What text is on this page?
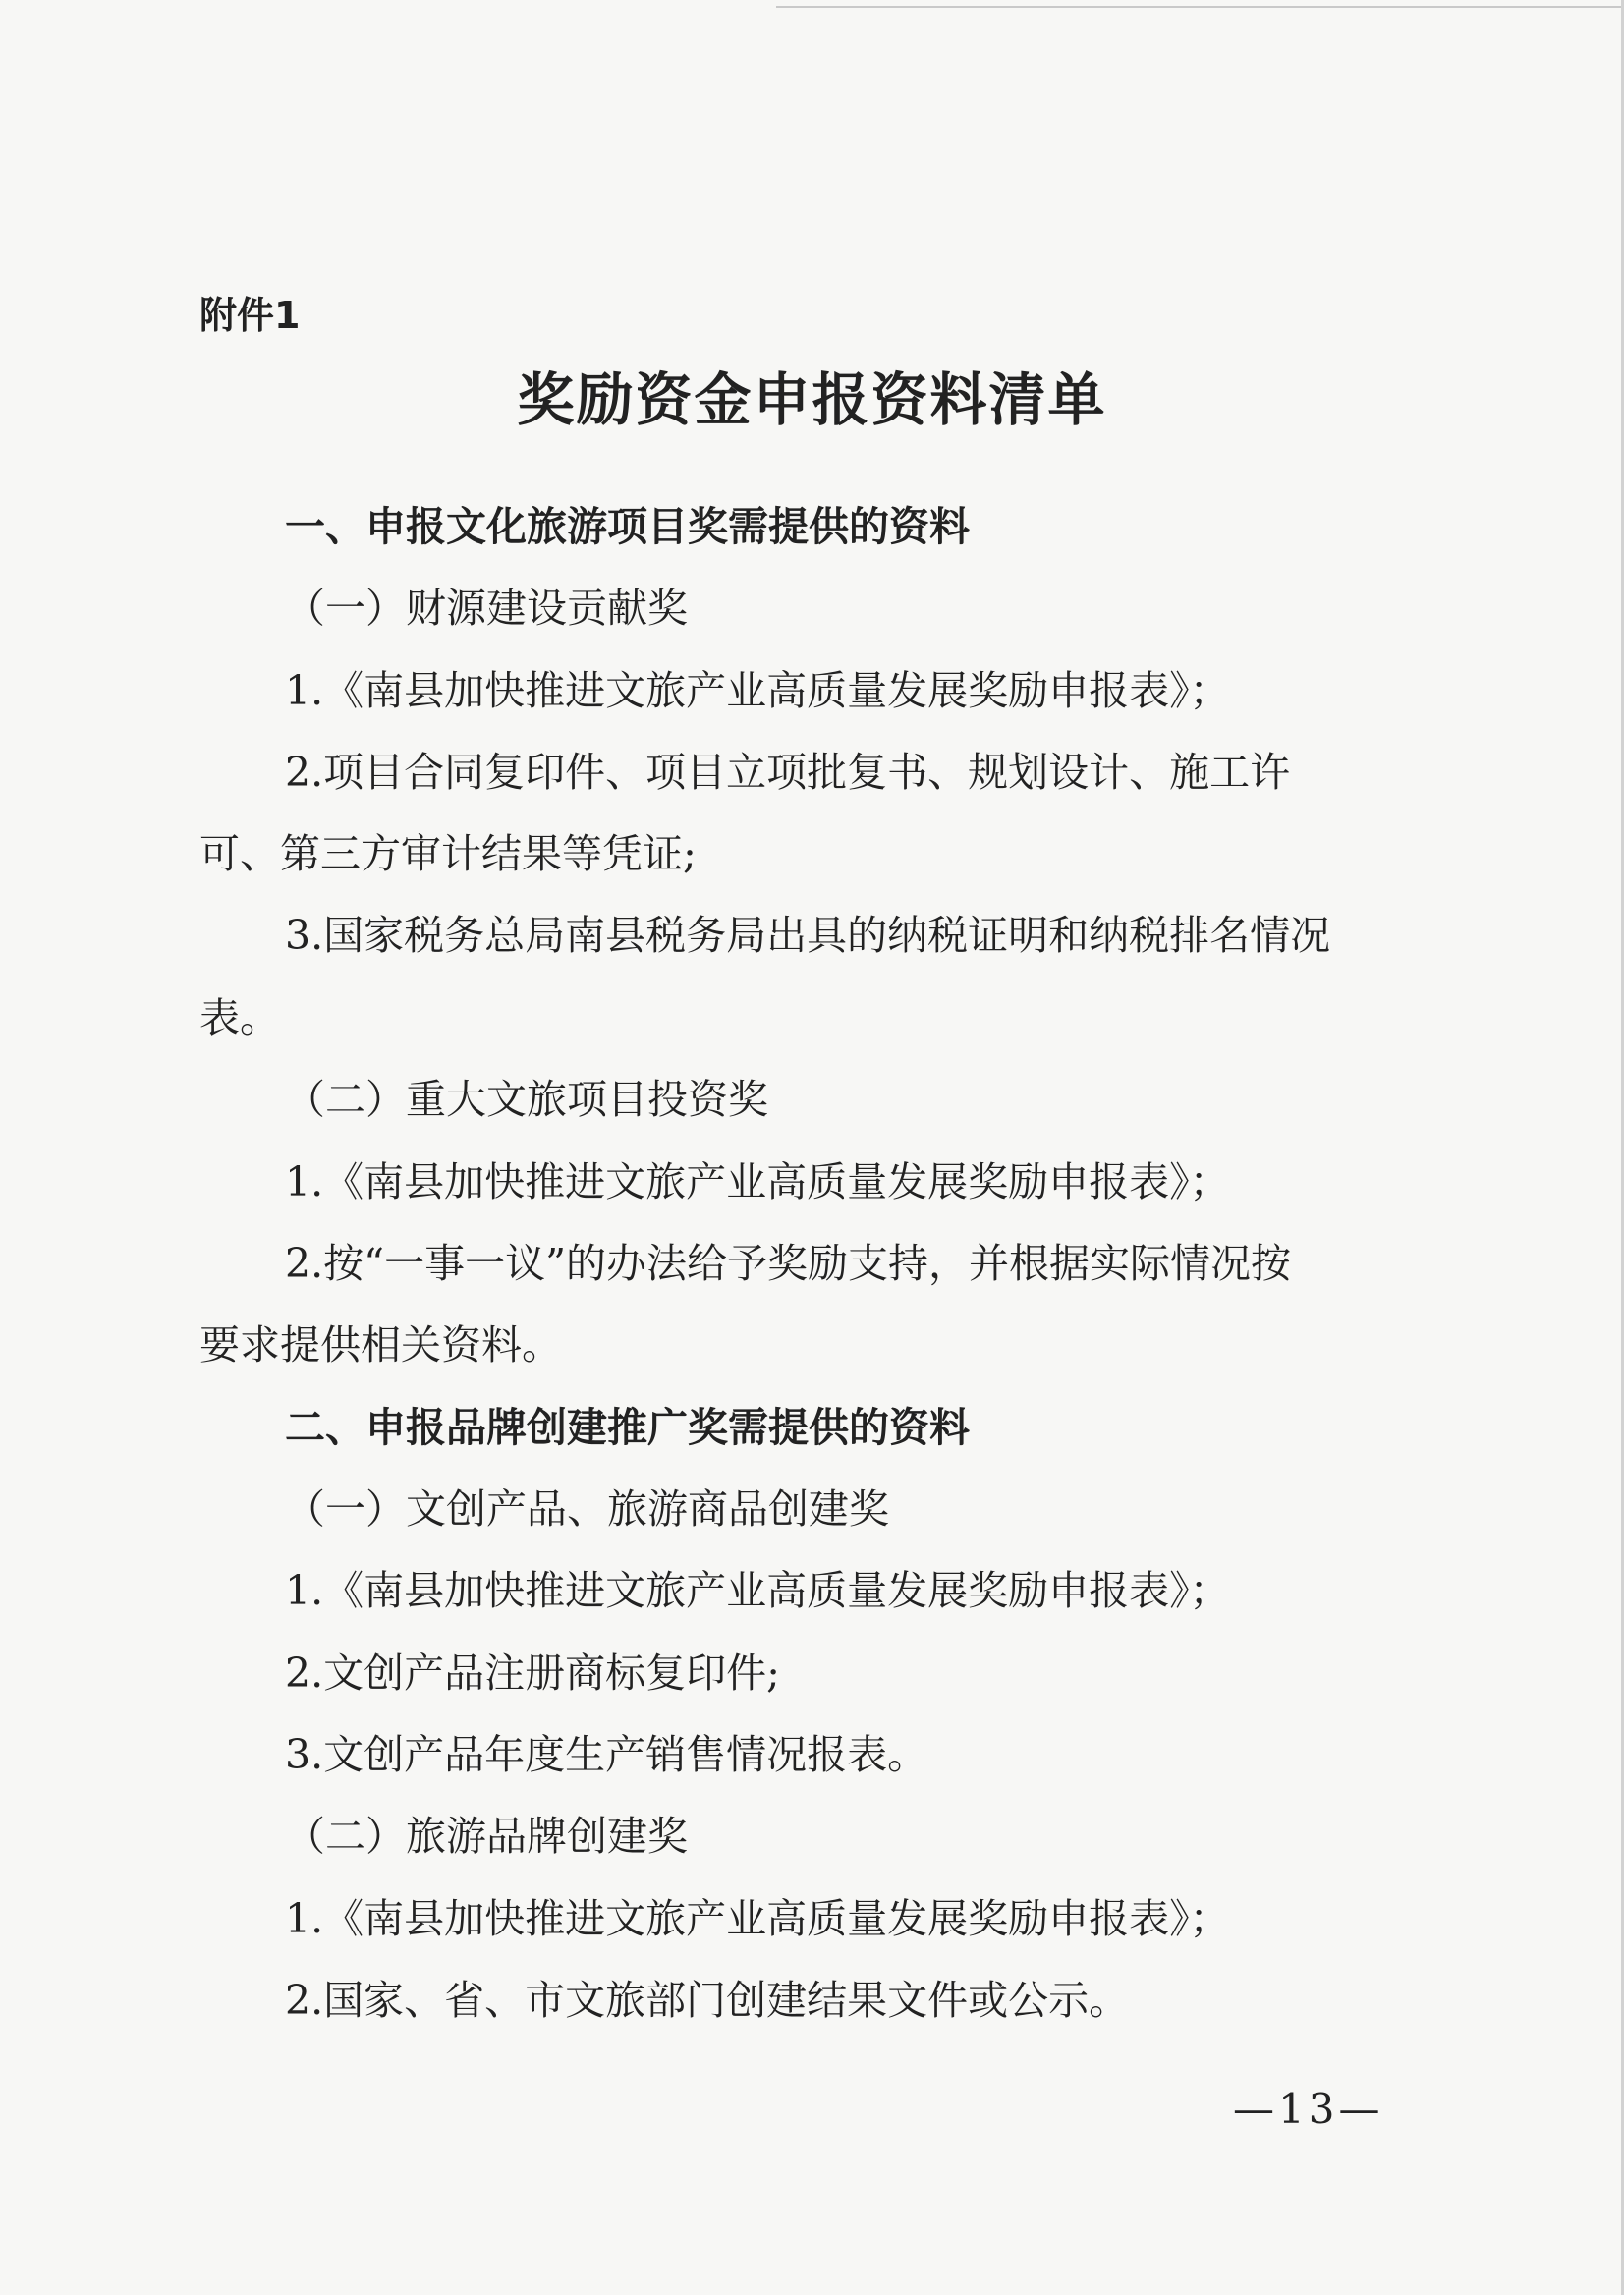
附件1
奖励资金申报资料清单
一、申报文化旅游项目奖需提供的资料
（一）财源建设贡献奖
1.《南县加快推进文旅产业高质量发展奖励申报表》；
2.项目合同复印件、项目立项批复书、规划设计、施工许
可、第三方审计结果等凭证;
3.国家税务总局南县税务局出具的纳税证明和纳税排名情况
表。
（二）重大文旅项目投资奖
1.《南县加快推进文旅产业高质量发展奖励申报表》；
2.按“一事一议”的办法给予奖励支持，并根据实际情况按
要求提供相关资料。
二、申报品牌创建推广奖需提供的资料
（一）文创产品、旅游商品创建奖
1.《南县加快推进文旅产业高质量发展奖励申报表》；
2.文创产品注册商标复印件;
3.文创产品年度生产销售情况报表。
（二）旅游品牌创建奖
1.《南县加快推进文旅产业高质量发展奖励申报表》；
2.国家、省、市文旅部门创建结果文件或公示。
—13—
